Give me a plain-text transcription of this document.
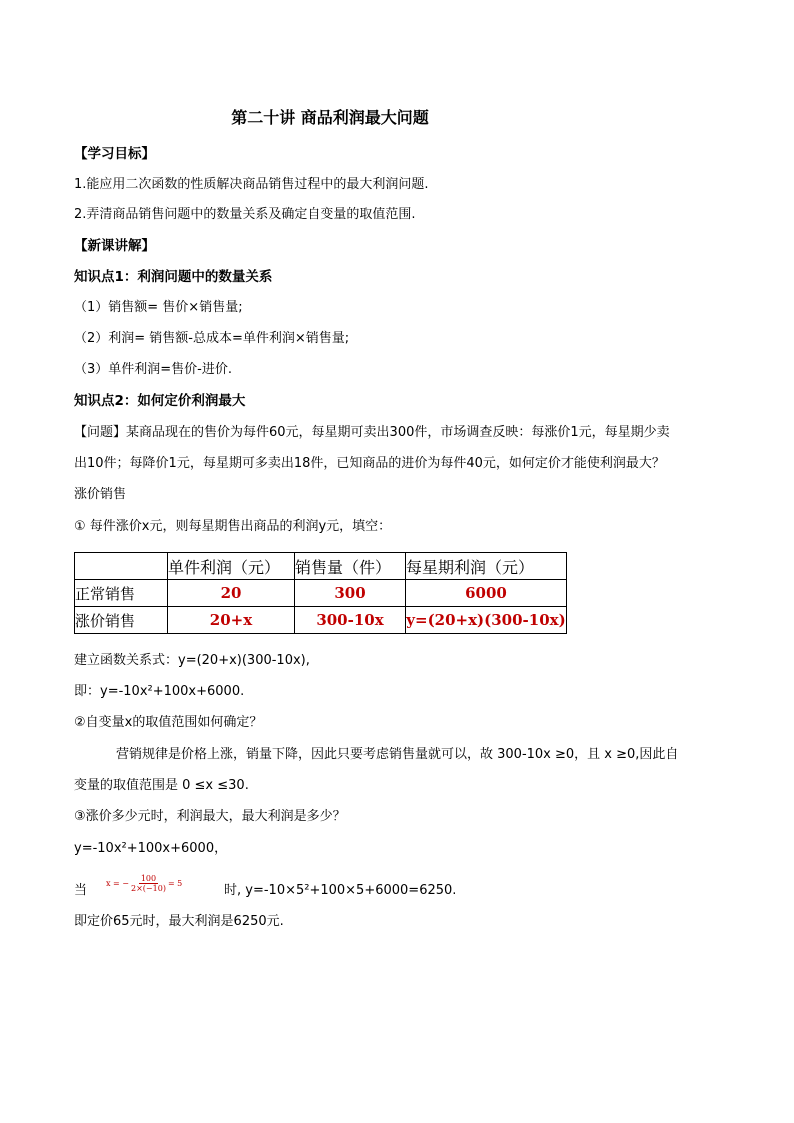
第二十讲 商品利润最大问题
【学习目标】
1.能应用二次函数的性质解决商品销售过程中的最大利润问题.
2.弄清商品销售问题中的数量关系及确定自变量的取值范围.
【新课讲解】
知识点1：利润问题中的数量关系
（1）销售额= 售价×销售量;
（2）利润= 销售额-总成本=单件利润×销售量;
（3）单件利润=售价-进价.
知识点2：如何定价利润最大
【问题】某商品现在的售价为每件60元，每星期可卖出300件，市场调查反映：每涨价1元，每星期少卖
出10件；每降价1元，每星期可多卖出18件，已知商品的进价为每件40元，如何定价才能使利润最大？
涨价销售
① 每件涨价x元，则每星期售出商品的利润y元，填空：
	单件利润（元）	销售量（件）	每星期利润（元）
正常销售	20	300	6000
涨价销售	20+x	300-10x	y=(20+x)(300-10x)
建立函数关系式：y=(20+x)(300-10x),
即：y=-10x²+100x+6000.
②自变量x的取值范围如何确定？
营销规律是价格上涨，销量下降，因此只要考虑销售量就可以，故 300-10x ≥0，且 x ≥0,因此自
变量的取值范围是 0 ≤x ≤30.
③涨价多少元时，利润最大，最大利润是多少？
y=-10x²+100x+6000，
当 x = − $\frac{100}{2\times(-10)} = 5$	时, y=-10×5²+100×5+6000=6250.
即定价65元时，最大利润是6250元.
